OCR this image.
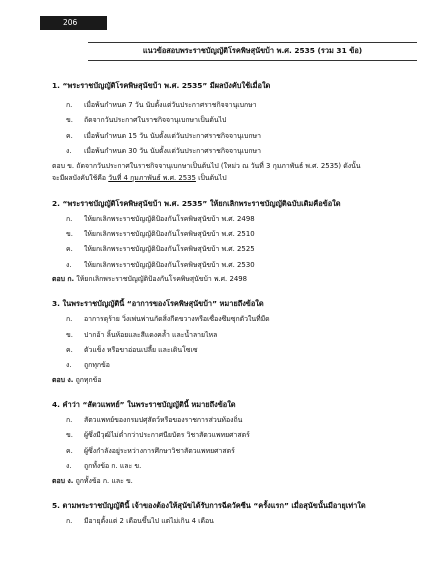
206
แนวข้อสอบพระราชบัญญัติโรคพิษสุนัขบ้า พ.ศ. 2535 (รวม 31 ข้อ)
1. “พระราชบัญญัติโรคพิษสุนัขบ้า พ.ศ. 2535” มีผลบังคับใช้เมื่อใด
ก.	เมื่อพ้นกำหนด 7 วัน นับตั้งแต่วันประกาศราชกิจจานุเบกษา
ข.	ถัดจากวันประกาศในราชกิจจานุเบกษาเป็นต้นไป
ค.	เมื่อพ้นกำหนด 15 วัน นับตั้งแต่วันประกาศราชกิจจานุเบกษา
ง.	เมื่อพ้นกำหนด 30 วัน นับตั้งแต่วันประกาศราชกิจจานุเบกษา
ตอบ ข. ถัดจากวันประกาศในราชกิจจานุเบกษาเป็นต้นไป (ใหม่ว ณ วันที่ 3 กุมภาพันธ์ พ.ศ. 2535) ดังนั้น
จะมีผลบังคับใช้คือ วันที่ 4 กุมภาพันธ์ พ.ศ. 2535 เป็นต้นไป
2. “พระราชบัญญัติโรคพิษสุนัขบ้า พ.ศ. 2535” ให้ยกเลิกพระราชบัญญัติฉบับเดิมคือข้อใด
ก.	ให้ยกเลิกพระราชบัญญัติป้องกันโรคพิษสุนัขบ้า พ.ศ. 2498
ข.	ให้ยกเลิกพระราชบัญญัติป้องกันโรคพิษสุนัขบ้า พ.ศ. 2510
ค.	ให้ยกเลิกพระราชบัญญัติป้องกันโรคพิษสุนัขบ้า พ.ศ. 2525
ง.	ให้ยกเลิกพระราชบัญญัติป้องกันโรคพิษสุนัขบ้า พ.ศ. 2530
ตอบ ก. ให้ยกเลิกพระราชบัญญัติป้องกันโรคพิษสุนัขบ้า พ.ศ. 2498
3. ในพระราชบัญญัตินี้ “อาการของโรคพิษสุนัขบ้า” หมายถึงข้อใด
ก.	อาการดุร้าย วิ่งเพ่นพ่านกัดสิ่งกีดขวางหรือเซื่องซึมซุกตัวในที่มืด
ข.	ปากอ้า ลิ้นห้อยและสีแดงคล้ำ และน้ำลายไหล
ค.	ตัวแข็ง หรือขาอ่อนเปลี้ย และเดินโซเซ
ง.	ถูกทุกข้อ
ตอบ ง. ถูกทุกข้อ
4. คำว่า “สัตวแพทย์” ในพระราชบัญญัตินี้ หมายถึงข้อใด
ก.	สัตวแพทย์ของกรมปศุสัตว์หรือของราชการส่วนท้องถิ่น
ข.	ผู้ซึ่งมีวุฒิไม่ต่ำกว่าประกาศนียบัตร วิชาสัตวแพทยศาสตร์
ค.	ผู้ซึ่งกำลังอยู่ระหว่างการศึกษาวิชาสัตวแพทยศาสตร์
ง.	ถูกทั้งข้อ ก. และ ข.
ตอบ ง. ถูกทั้งข้อ ก. และ ข.
5. ตามพระราชบัญญัตินี้ เจ้าของต้องให้สุนัขได้รับการฉีดวัคซีน “ครั้งแรก” เมื่อสุนัขนั้นมีอายุเท่าใด
ก.	มีอายุตั้งแต่ 2 เดือนขึ้นไป แต่ไม่เกิน 4 เดือน
